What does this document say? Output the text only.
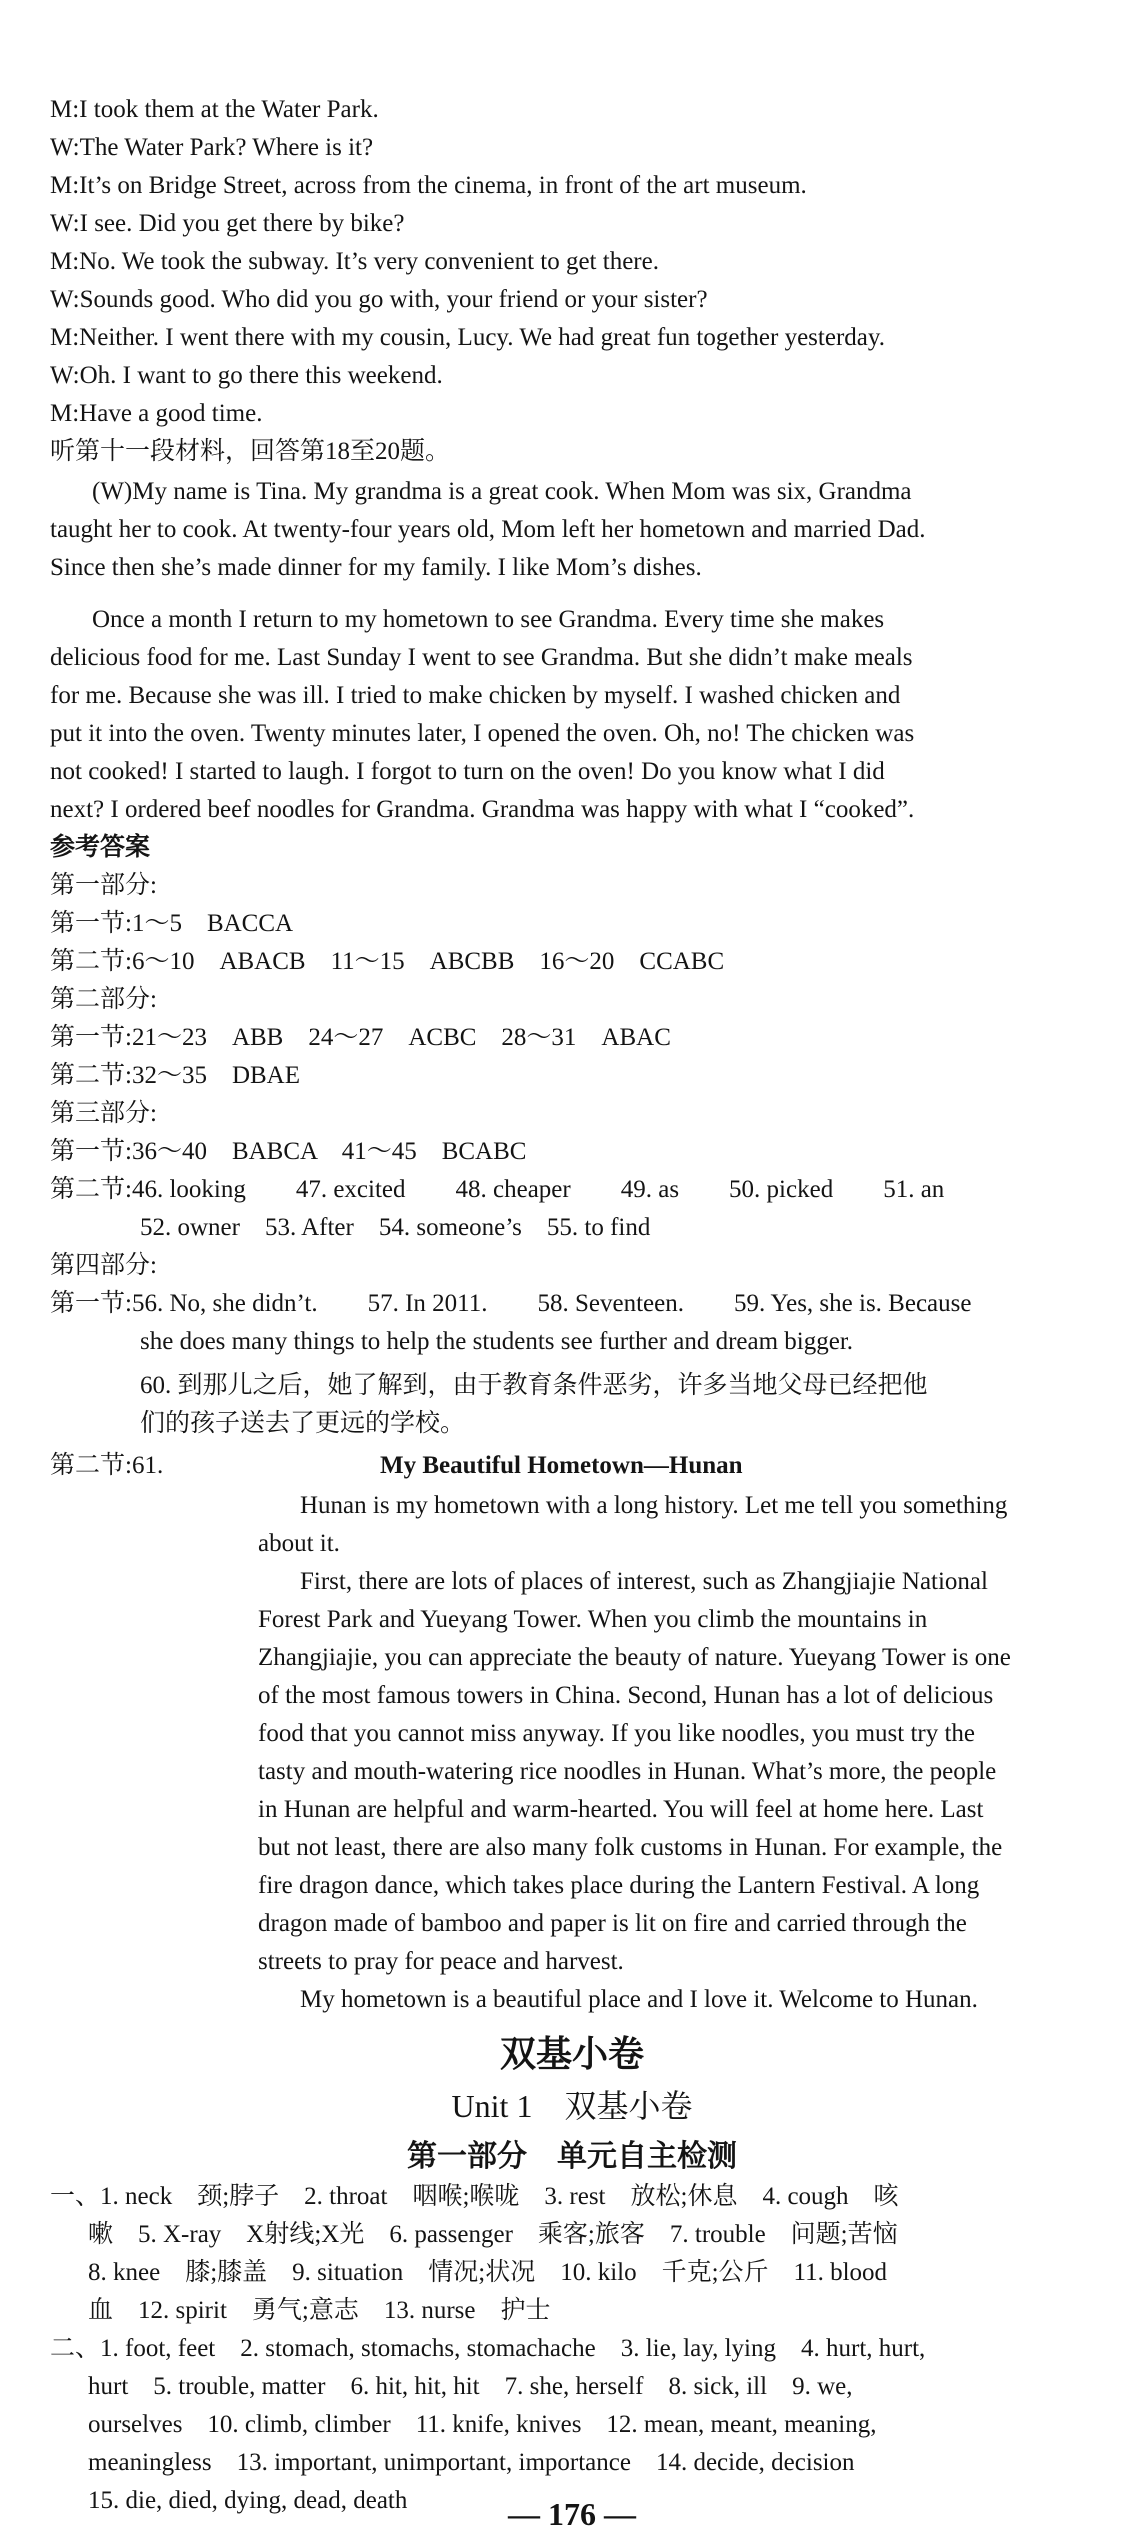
M:I took them at the Water Park.
W:The Water Park? Where is it?
M:It’s on Bridge Street, across from the cinema, in front of the art museum.
W:I see. Did you get there by bike?
M:No. We took the subway. It’s very convenient to get there.
W:Sounds good. Who did you go with, your friend or your sister?
M:Neither. I went there with my cousin, Lucy. We had great fun together yesterday.
W:Oh. I want to go there this weekend.
M:Have a good time.
听第十一段材料，回答第18至20题。
(W)My name is Tina. My grandma is a great cook. When Mom was six, Grandma
taught her to cook. At twenty-four years old, Mom left her hometown and married Dad.
Since then she’s made dinner for my family. I like Mom’s dishes.
Once a month I return to my hometown to see Grandma. Every time she makes
delicious food for me. Last Sunday I went to see Grandma. But she didn’t make meals
for me. Because she was ill. I tried to make chicken by myself. I washed chicken and
put it into the oven. Twenty minutes later, I opened the oven. Oh, no! The chicken was
not cooked! I started to laugh. I forgot to turn on the oven! Do you know what I did
next? I ordered beef noodles for Grandma. Grandma was happy with what I “cooked”.
参考答案
第一部分:
第一节:1～5　BACCA
第二节:6～10　ABACB　11～15　ABCBB　16～20　CCABC
第二部分:
第一节:21～23　ABB　24～27　ACBC　28～31　ABAC
第二节:32～35　DBAE
第三部分:
第一节:36～40　BABCA　41～45　BCABC
第二节:46. looking　　47. excited　　48. cheaper　　49. as　　50. picked　　51. an
52. owner　53. After　54. someone’s　55. to find
第四部分:
第一节:56. No, she didn’t.　　57. In 2011.　　58. Seventeen.　　59. Yes, she is. Because
she does many things to help the students see further and dream bigger.
60. 到那儿之后，她了解到，由于教育条件恶劣，许多当地父母已经把他
们的孩子送去了更远的学校。
第二节:61.	My Beautiful Hometown—Hunan
Hunan is my hometown with a long history. Let me tell you something
about it.
First, there are lots of places of interest, such as Zhangjiajie National
Forest Park and Yueyang Tower. When you climb the mountains in
Zhangjiajie, you can appreciate the beauty of nature. Yueyang Tower is one
of the most famous towers in China. Second, Hunan has a lot of delicious
food that you cannot miss anyway. If you like noodles, you must try the
tasty and mouth-watering rice noodles in Hunan. What’s more, the people
in Hunan are helpful and warm-hearted. You will feel at home here. Last
but not least, there are also many folk customs in Hunan. For example, the
fire dragon dance, which takes place during the Lantern Festival. A long
dragon made of bamboo and paper is lit on fire and carried through the
streets to pray for peace and harvest.
My hometown is a beautiful place and I love it. Welcome to Hunan.
双基小卷
Unit 1　双基小卷
第一部分　单元自主检测
一、1. neck　颈;脖子　2. throat　咽喉;喉咙　3. rest　放松;休息　4. cough　咳
嗽　5. X-ray　X射线;X光　6. passenger　乘客;旅客　7. trouble　问题;苦恼
8. knee　膝;膝盖　9. situation　情况;状况　10. kilo　千克;公斤　11. blood
血　12. spirit　勇气;意志　13. nurse　护士
二、1. foot, feet　2. stomach, stomachs, stomachache　3. lie, lay, lying　4. hurt, hurt,
hurt　5. trouble, matter　6. hit, hit, hit　7. she, herself　8. sick, ill　9. we,
ourselves　10. climb, climber　11. knife, knives　12. mean, meant, meaning,
meaningless　13. important, unimportant, importance　14. decide, decision
15. die, died, dying, dead, death	— 176 —
